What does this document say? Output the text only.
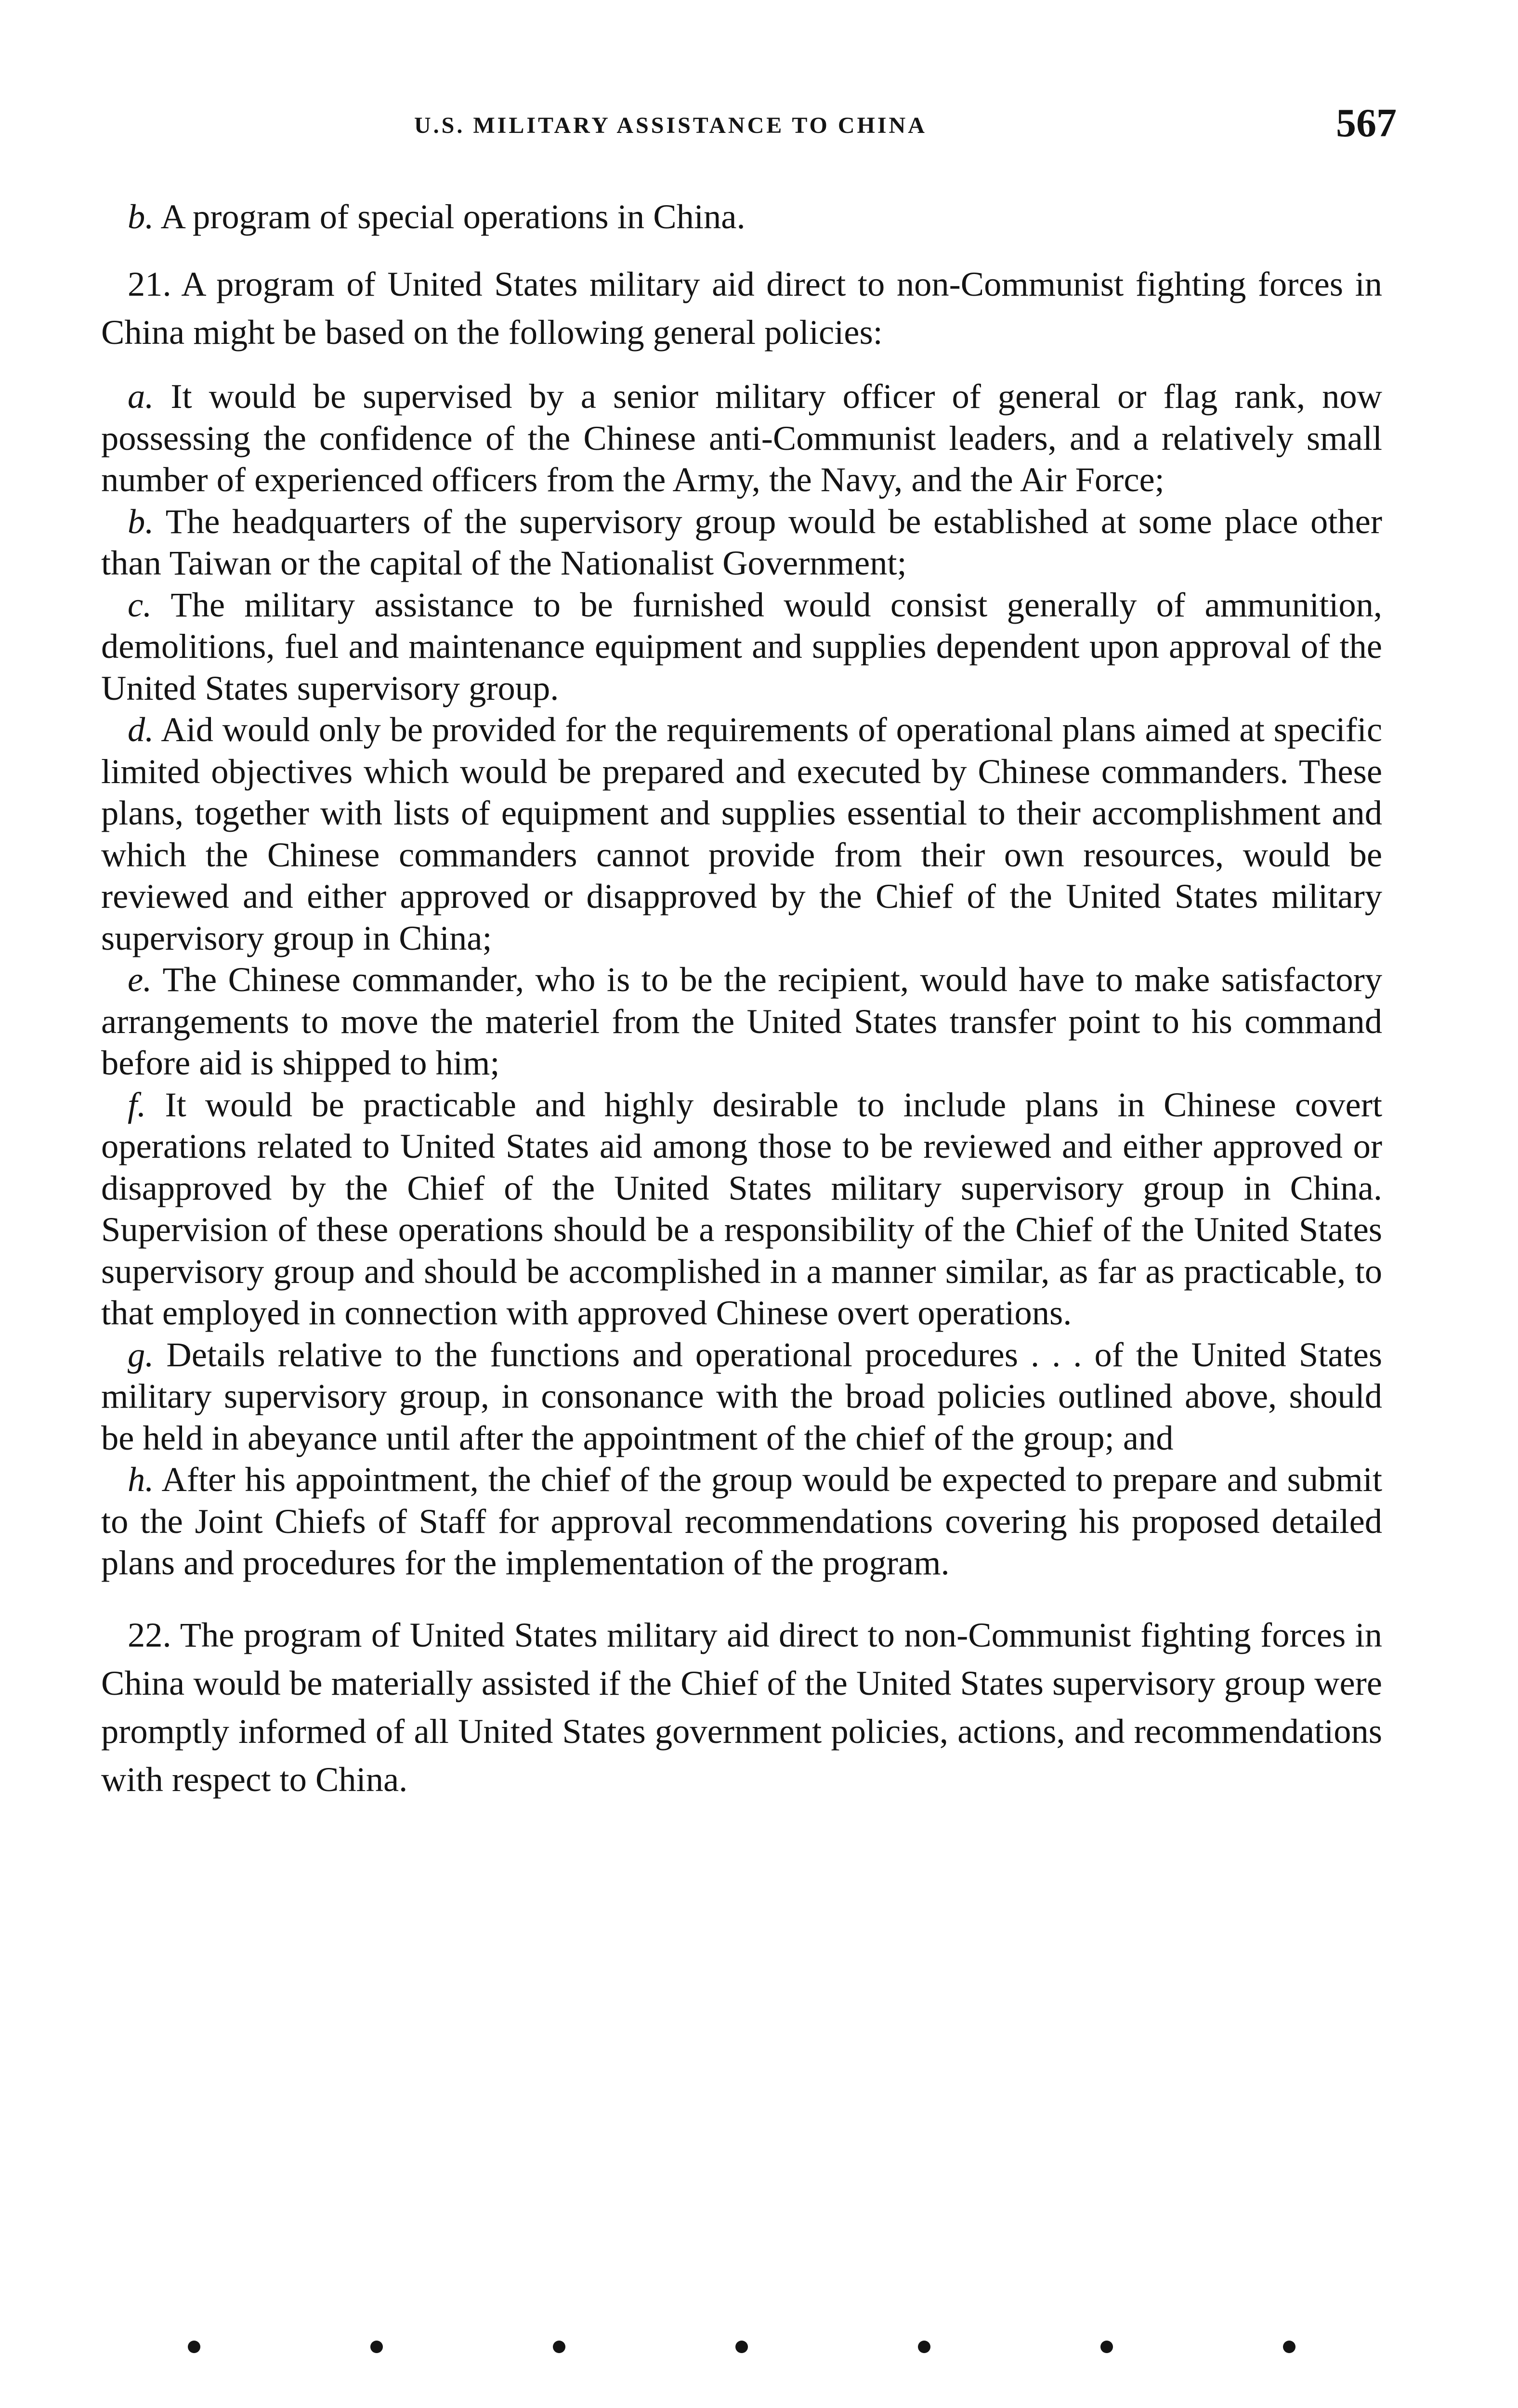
U.S. MILITARY ASSISTANCE TO CHINA	567

b. A program of special operations in China.

21. A program of United States military aid direct to non-Communist fighting forces in China might be based on the following general policies:

a. It would be supervised by a senior military officer of general or flag rank, now possessing the confidence of the Chinese anti-Communist leaders, and a relatively small number of experienced officers from the Army, the Navy, and the Air Force;

b. The headquarters of the supervisory group would be established at some place other than Taiwan or the capital of the Nationalist Government;

c. The military assistance to be furnished would consist generally of ammunition, demolitions, fuel and maintenance equipment and supplies dependent upon approval of the United States supervisory group.

d. Aid would only be provided for the requirements of operational plans aimed at specific limited objectives which would be prepared and executed by Chinese commanders. These plans, together with lists of equipment and supplies essential to their accomplishment and which the Chinese commanders cannot provide from their own resources, would be reviewed and either approved or disapproved by the Chief of the United States military supervisory group in China;

e. The Chinese commander, who is to be the recipient, would have to make satisfactory arrangements to move the materiel from the United States transfer point to his command before aid is shipped to him;

f. It would be practicable and highly desirable to include plans in Chinese covert operations related to United States aid among those to be reviewed and either approved or disapproved by the Chief of the United States military supervisory group in China. Supervision of these operations should be a responsibility of the Chief of the United States supervisory group and should be accomplished in a manner similar, as far as practicable, to that employed in connection with approved Chinese overt operations.

g. Details relative to the functions and operational procedures . . . of the United States military supervisory group, in consonance with the broad policies outlined above, should be held in abeyance until after the appointment of the chief of the group; and

h. After his appointment, the chief of the group would be expected to prepare and submit to the Joint Chiefs of Staff for approval recommendations covering his proposed detailed plans and procedures for the implementation of the program.

22. The program of United States military aid direct to non-Communist fighting forces in China would be materially assisted if the Chief of the United States supervisory group were promptly informed of all United States government policies, actions, and recommendations with respect to China.
